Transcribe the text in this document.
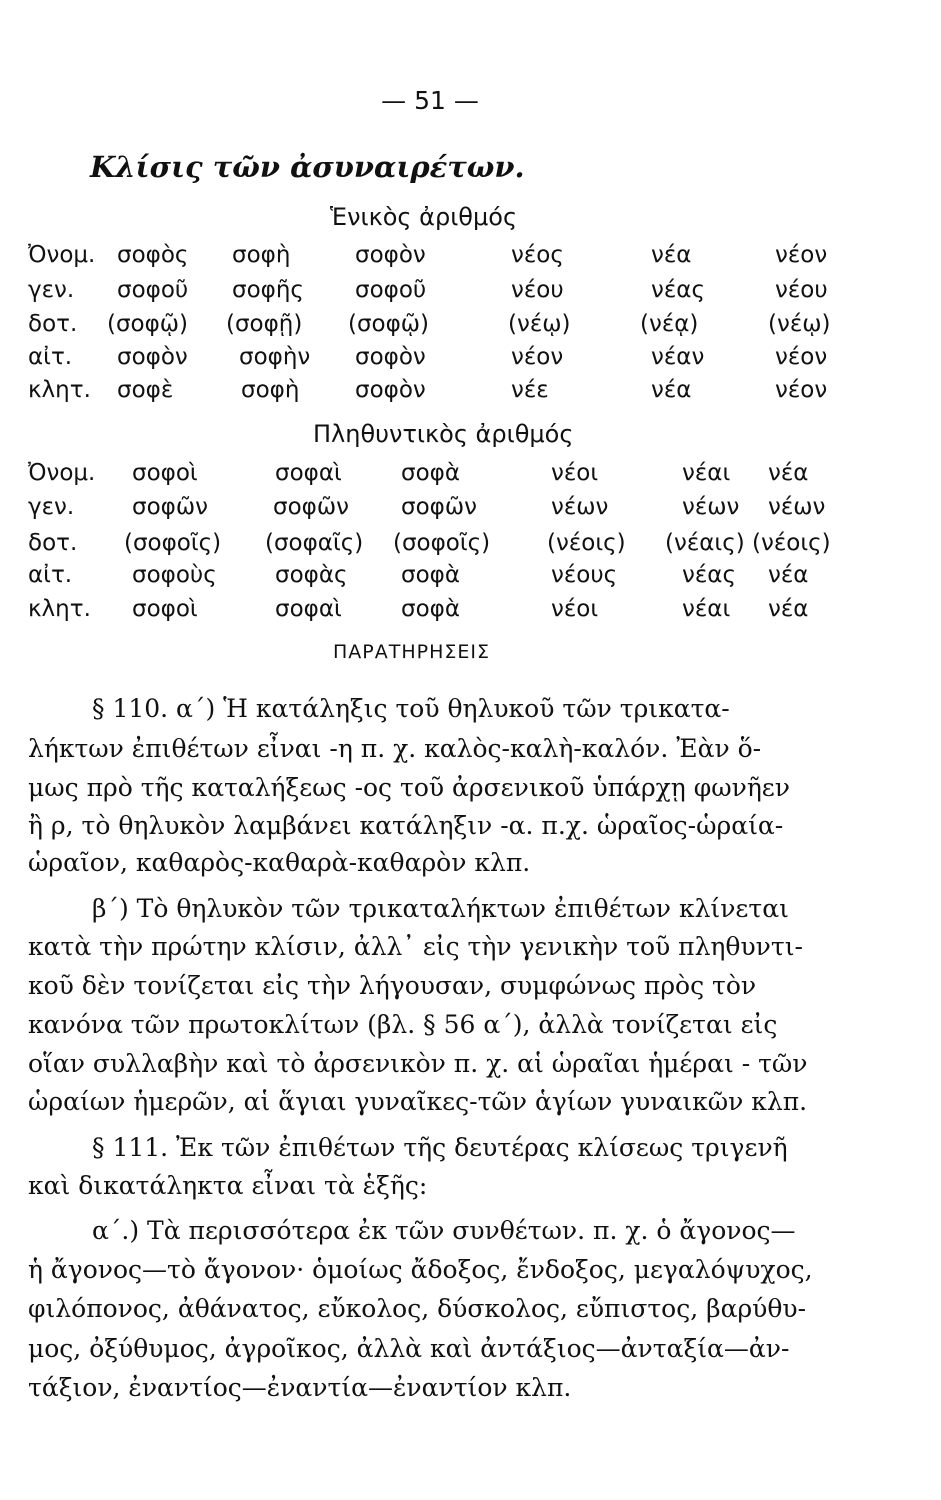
— 51 —
Κλίσις τῶν ἀσυναιρέτων.
Ἑνικὸς ἀριθμός
Ὀνομ. σοφὸς σοφὴ	σοφὸν	νέος	νέα	νέον
γεν. σοφοῦ σοφῆς σοφοῦ	νέου	νέας	νέου
δοτ. (σοφῷ) (σοφῇ) (σοφῷ)	(νέῳ)	(νέᾳ)	(νέῳ)
αἰτ. σοφὸν σοφὴν σοφὸν	νέον	νέαν	νέον
κλητ. σοφὲ	σοφὴ σοφὸν	νέε	νέα	νέον
Πληθυντικὸς ἀριθμός
Ὀνομ. σοφοὶ	σοφαὶ	σοφὰ	νέοι	νέαι νέα
γεν.	σοφῶν	σοφῶν σοφῶν	νέων	νέων νέων
δοτ. (σοφοῖς) (σοφαῖς) (σοφοῖς) (νέοις) (νέαις) (νέοις)
αἰτ.	σοφοὺς	σοφὰς σοφὰ	νέους	νέας νέα
κλητ. σοφοὶ	σοφαὶ	σοφὰ	νέοι	νέαι νέα
ΠΑΡΑΤΗΡΗΣΕΙΣ
§ 110. α΄) Ἡ κατάληξις τοῦ θηλυκοῦ τῶν τρικατα-
λήκτων ἐπιθέτων εἶναι -η π. χ. καλὸς-καλὴ-καλόν. Ἐὰν ὅ-
μως πρὸ τῆς καταλήξεως -ος τοῦ ἀρσενικοῦ ὑπάρχῃ φωνῆεν
ἢ ρ, τὸ θηλυκὸν λαμβάνει κατάληξιν -α. π.χ. ὡραῖος-ὡραία-
ὡραῖον, καθαρὸς-καθαρὰ-καθαρὸν κλπ.
β΄) Τὸ θηλυκὸν τῶν τρικαταλήκτων ἐπιθέτων κλίνεται
κατὰ τὴν πρώτην κλίσιν, ἀλλ᾽ εἰς τὴν γενικὴν τοῦ πληθυντι-
κοῦ δὲν τονίζεται εἰς τὴν λήγουσαν, συμφώνως πρὸς τὸν
κανόνα τῶν πρωτοκλίτων (βλ. § 56 α΄), ἀλλὰ τονίζεται εἰς
οἵαν συλλαβὴν καὶ τὸ ἀρσενικὸν π. χ. αἱ ὡραῖαι ἡμέραι - τῶν
ὡραίων ἡμερῶν, αἱ ἅγιαι γυναῖκες-τῶν ἁγίων γυναικῶν κλπ.
§ 111. Ἐκ τῶν ἐπιθέτων τῆς δευτέρας κλίσεως τριγενῆ
καὶ δικατάληκτα εἶναι τὰ ἑξῆς:
α΄.) Τὰ περισσότερα ἐκ τῶν συνθέτων. π. χ. ὁ ἄγονος—
ἡ ἄγονος—τὸ ἄγονον· ὁμοίως ἄδοξος, ἔνδοξος, μεγαλόψυχος,
φιλόπονος, ἀθάνατος, εὔκολος, δύσκολος, εὔπιστος, βαρύθυ-
μος, ὀξύθυμος, ἀγροῖκος, ἀλλὰ καὶ ἀντάξιος—ἀνταξία—ἀν-
τάξιον, ἐναντίος—ἐναντία—ἐναντίον κλπ.
